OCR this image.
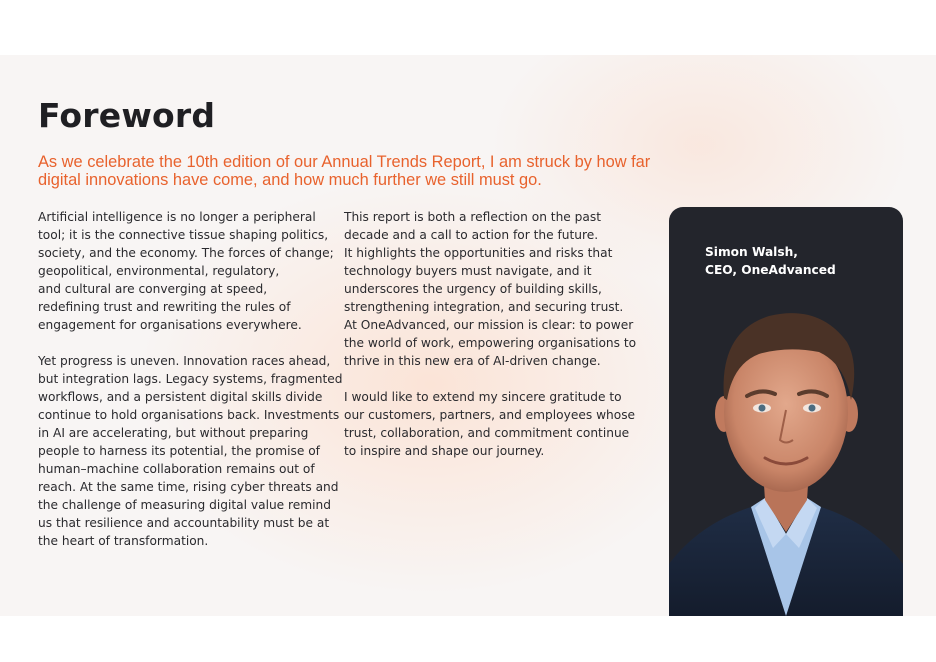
Foreword

As we celebrate the 10th edition of our Annual Trends Report, I am struck by how far digital innovations have come, and how much further we still must go.

Artificial intelligence is no longer a peripheral

tool; it is the connective tissue shaping politics,

society, and the economy. The forces of change;

geopolitical, environmental, regulatory,

and cultural are converging at speed,

redefining trust and rewriting the rules of

engagement for organisations everywhere.

Yet progress is uneven. Innovation races ahead,

but integration lags. Legacy systems, fragmented

workflows, and a persistent digital skills divide

continue to hold organisations back. Investments

in AI are accelerating, but without preparing

people to harness its potential, the promise of

human–machine collaboration remains out of

reach. At the same time, rising cyber threats and

the challenge of measuring digital value remind

us that resilience and accountability must be at

the heart of transformation.

This report is both a reflection on the past

decade and a call to action for the future.

It highlights the opportunities and risks that

technology buyers must navigate, and it

underscores the urgency of building skills,

strengthening integration, and securing trust.

At OneAdvanced, our mission is clear: to power

the world of work, empowering organisations to

thrive in this new era of AI-driven change.

I would like to extend my sincere gratitude to

our customers, partners, and employees whose

trust, collaboration, and commitment continue

to inspire and shape our journey.

Simon Walsh,
CEO, OneAdvanced
